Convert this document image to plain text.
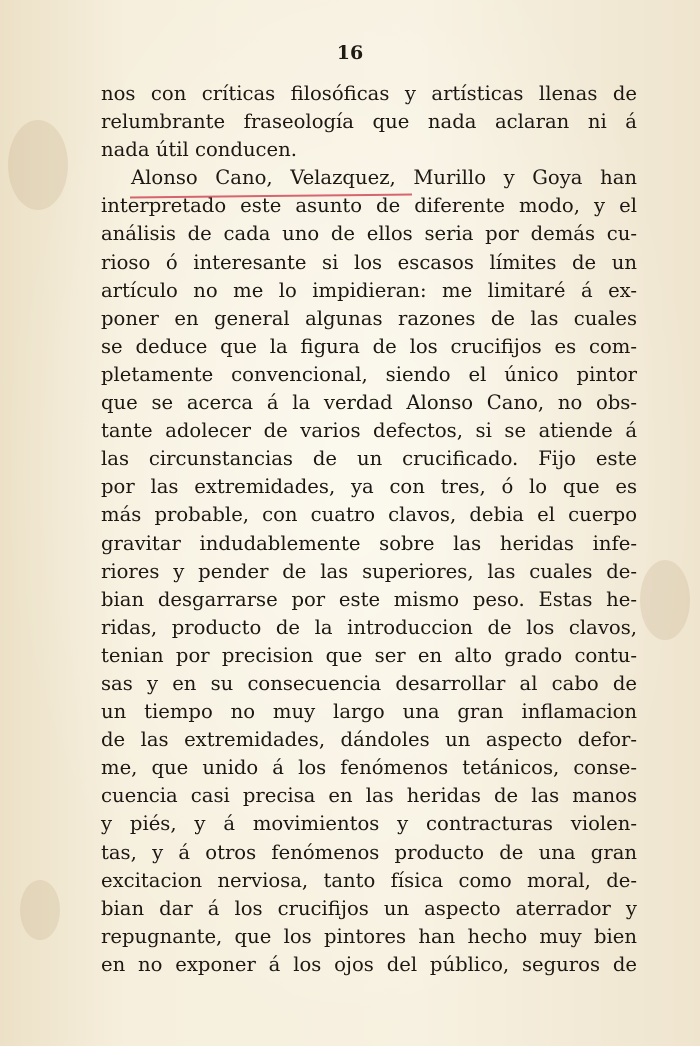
16
nos con críticas filosóficas y artísticas llenas de
relumbrante fraseología que nada aclaran ni á
nada útil conducen.
Alonso Cano, Velazquez, Murillo y Goya han
interpretado este asunto de diferente modo, y el
análisis de cada uno de ellos seria por demás cu-
rioso ó interesante si los escasos límites de un
artículo no me lo impidieran: me limitaré á ex-
poner en general algunas razones de las cuales
se deduce que la figura de los crucifijos es com-
pletamente convencional, siendo el único pintor
que se acerca á la verdad Alonso Cano, no obs-
tante adolecer de varios defectos, si se atiende á
las circunstancias de un crucificado. Fijo este
por las extremidades, ya con tres, ó lo que es
más probable, con cuatro clavos, debia el cuerpo
gravitar indudablemente sobre las heridas infe-
riores y pender de las superiores, las cuales de-
bian desgarrarse por este mismo peso. Estas he-
ridas, producto de la introduccion de los clavos,
tenian por precision que ser en alto grado contu-
sas y en su consecuencia desarrollar al cabo de
un tiempo no muy largo una gran inflamacion
de las extremidades, dándoles un aspecto defor-
me, que unido á los fenómenos tetánicos, conse-
cuencia casi precisa en las heridas de las manos
y piés, y á movimientos y contracturas violen-
tas, y á otros fenómenos producto de una gran
excitacion nerviosa, tanto física como moral, de-
bian dar á los crucifijos un aspecto aterrador y
repugnante, que los pintores han hecho muy bien
en no exponer á los ojos del público, seguros de
